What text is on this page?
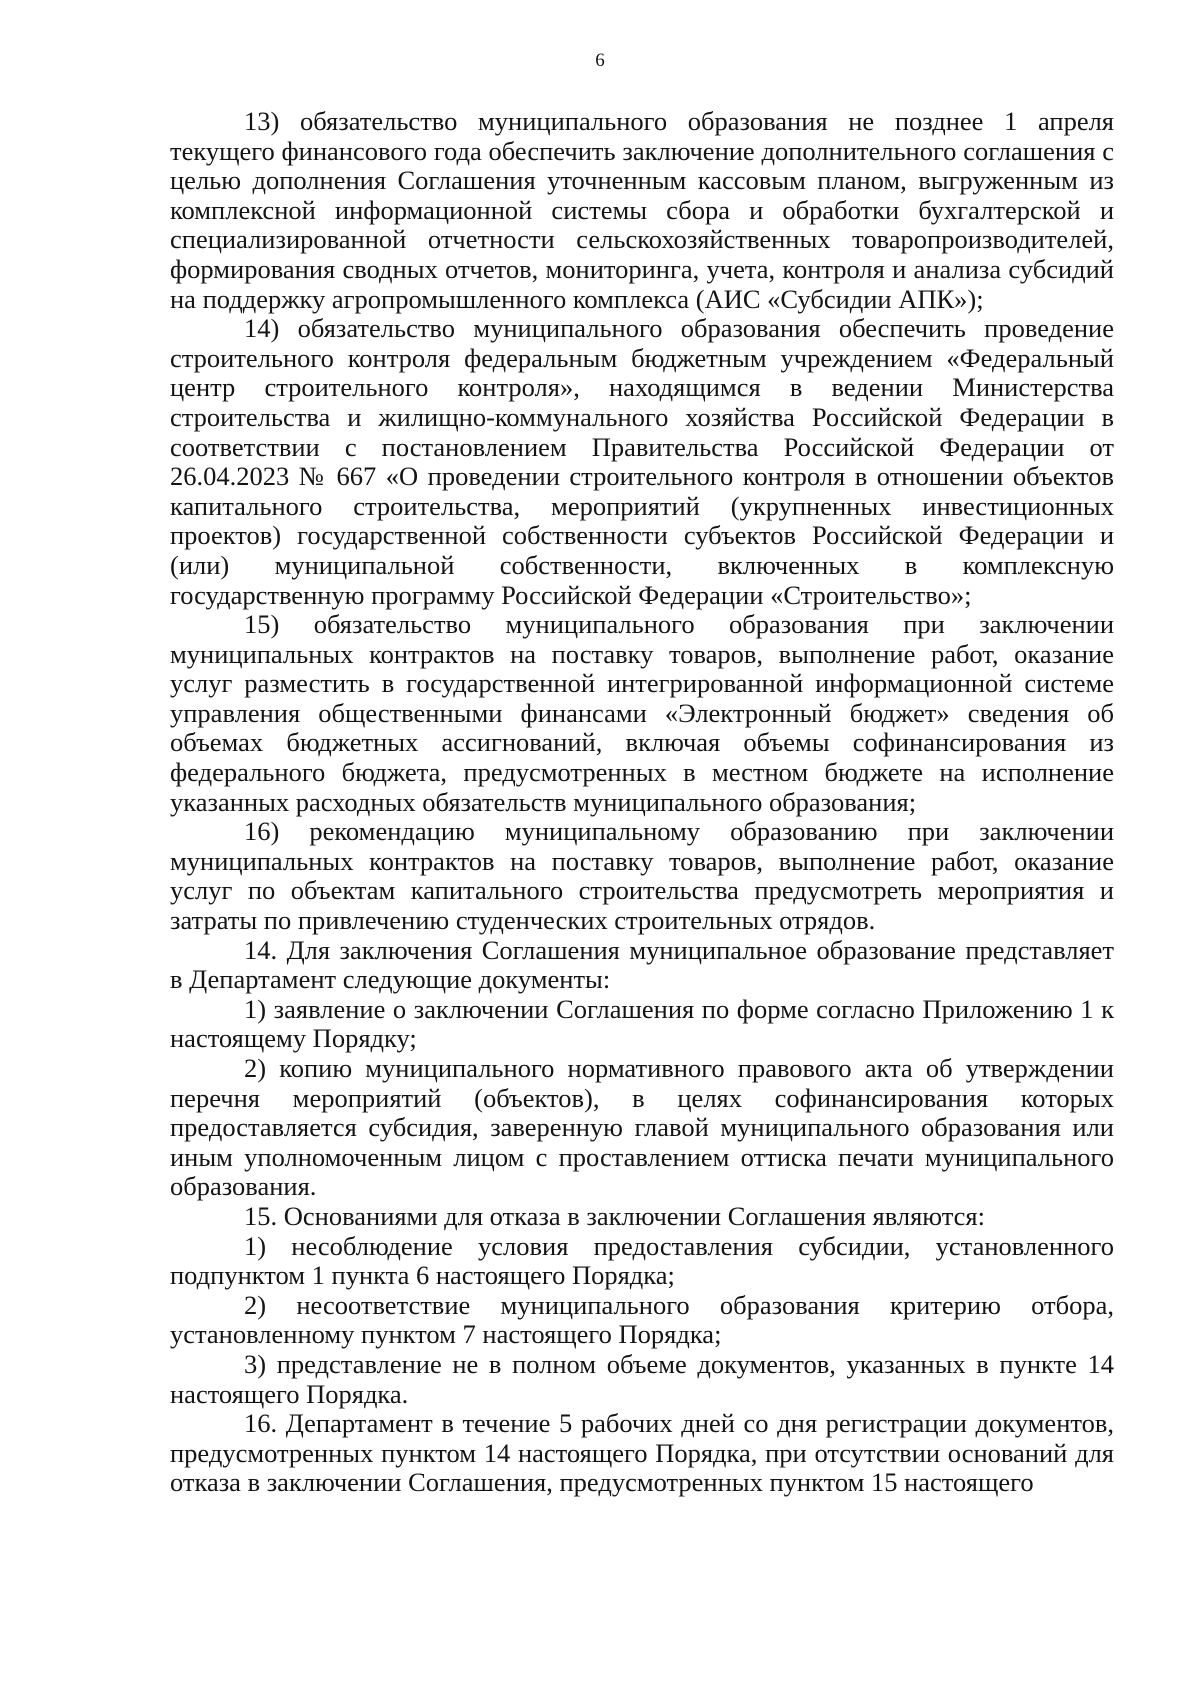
6

13) обязательство муниципального образования не позднее 1 апреля текущего финансового года обеспечить заключение дополнительного соглашения с целью дополнения Соглашения уточненным кассовым планом, выгруженным из комплексной информационной системы сбора и обработки бухгалтерской и специализированной отчетности сельскохозяйственных товаропроизводителей, формирования сводных отчетов, мониторинга, учета, контроля и анализа субсидий на поддержку агропромышленного комплекса (АИС «Субсидии АПК»);

14) обязательство муниципального образования обеспечить проведение строительного контроля федеральным бюджетным учреждением «Федеральный центр строительного контроля», находящимся в ведении Министерства строительства и жилищно-коммунального хозяйства Российской Федерации в соответствии с постановлением Правительства Российской Федерации от 26.04.2023 № 667 «О проведении строительного контроля в отношении объектов капитального строительства, мероприятий (укрупненных инвестиционных проектов) государственной собственности субъектов Российской Федерации и (или) муниципальной собственности, включенных в комплексную государственную программу Российской Федерации «Строительство»;

15) обязательство муниципального образования при заключении муниципальных контрактов на поставку товаров, выполнение работ, оказание услуг разместить в государственной интегрированной информационной системе управления общественными финансами «Электронный бюджет» сведения об объемах бюджетных ассигнований, включая объемы софинансирования из федерального бюджета, предусмотренных в местном бюджете на исполнение указанных расходных обязательств муниципального образования;

16) рекомендацию муниципальному образованию при заключении муниципальных контрактов на поставку товаров, выполнение работ, оказание услуг по объектам капитального строительства предусмотреть мероприятия и затраты по привлечению студенческих строительных отрядов.

14. Для заключения Соглашения муниципальное образование представляет в Департамент следующие документы:

1) заявление о заключении Соглашения по форме согласно Приложению 1 к настоящему Порядку;

2) копию муниципального нормативного правового акта об утверждении перечня мероприятий (объектов), в целях софинансирования которых предоставляется субсидия, заверенную главой муниципального образования или иным уполномоченным лицом с проставлением оттиска печати муниципального образования.

15. Основаниями для отказа в заключении Соглашения являются:

1) несоблюдение условия предоставления субсидии, установленного подпунктом 1 пункта 6 настоящего Порядка;

2) несоответствие муниципального образования критерию отбора, установленному пунктом 7 настоящего Порядка;

3) представление не в полном объеме документов, указанных в пункте 14 настоящего Порядка.

16. Департамент в течение 5 рабочих дней со дня регистрации документов, предусмотренных пунктом 14 настоящего Порядка, при отсутствии оснований для отказа в заключении Соглашения, предусмотренных пунктом 15 настоящего
